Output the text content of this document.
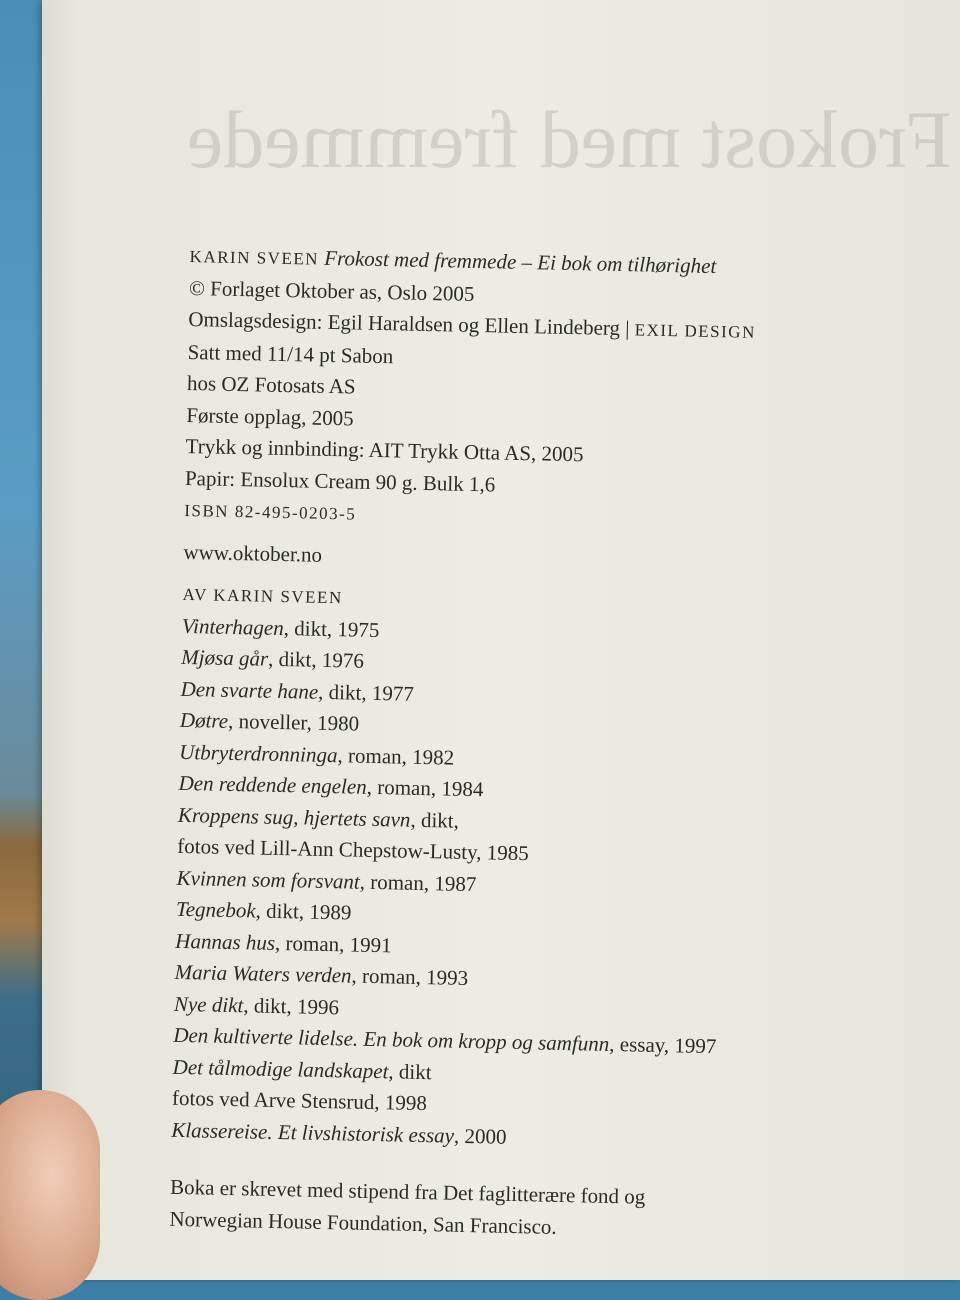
Frokost med fremmede
KARIN SVEEN Frokost med fremmede – Ei bok om tilhørighet
© Forlaget Oktober as, Oslo 2005
Omslagsdesign: Egil Haraldsen og Ellen Lindeberg | EXIL DESIGN
Satt med 11/14 pt Sabon
hos OZ Fotosats AS
Første opplag, 2005
Trykk og innbinding: AIT Trykk Otta AS, 2005
Papir: Ensolux Cream 90 g. Bulk 1,6
ISBN 82-495-0203-5
www.oktober.no
AV KARIN SVEEN
Vinterhagen, dikt, 1975
Mjøsa går, dikt, 1976
Den svarte hane, dikt, 1977
Døtre, noveller, 1980
Utbryterdronninga, roman, 1982
Den reddende engelen, roman, 1984
Kroppens sug, hjertets savn, dikt,
fotos ved Lill-Ann Chepstow-Lusty, 1985
Kvinnen som forsvant, roman, 1987
Tegnebok, dikt, 1989
Hannas hus, roman, 1991
Maria Waters verden, roman, 1993
Nye dikt, dikt, 1996
Den kultiverte lidelse. En bok om kropp og samfunn, essay, 1997
Det tålmodige landskapet, dikt
fotos ved Arve Stensrud, 1998
Klassereise. Et livshistorisk essay, 2000
Boka er skrevet med stipend fra Det faglitterære fond og
Norwegian House Foundation, San Francisco.
